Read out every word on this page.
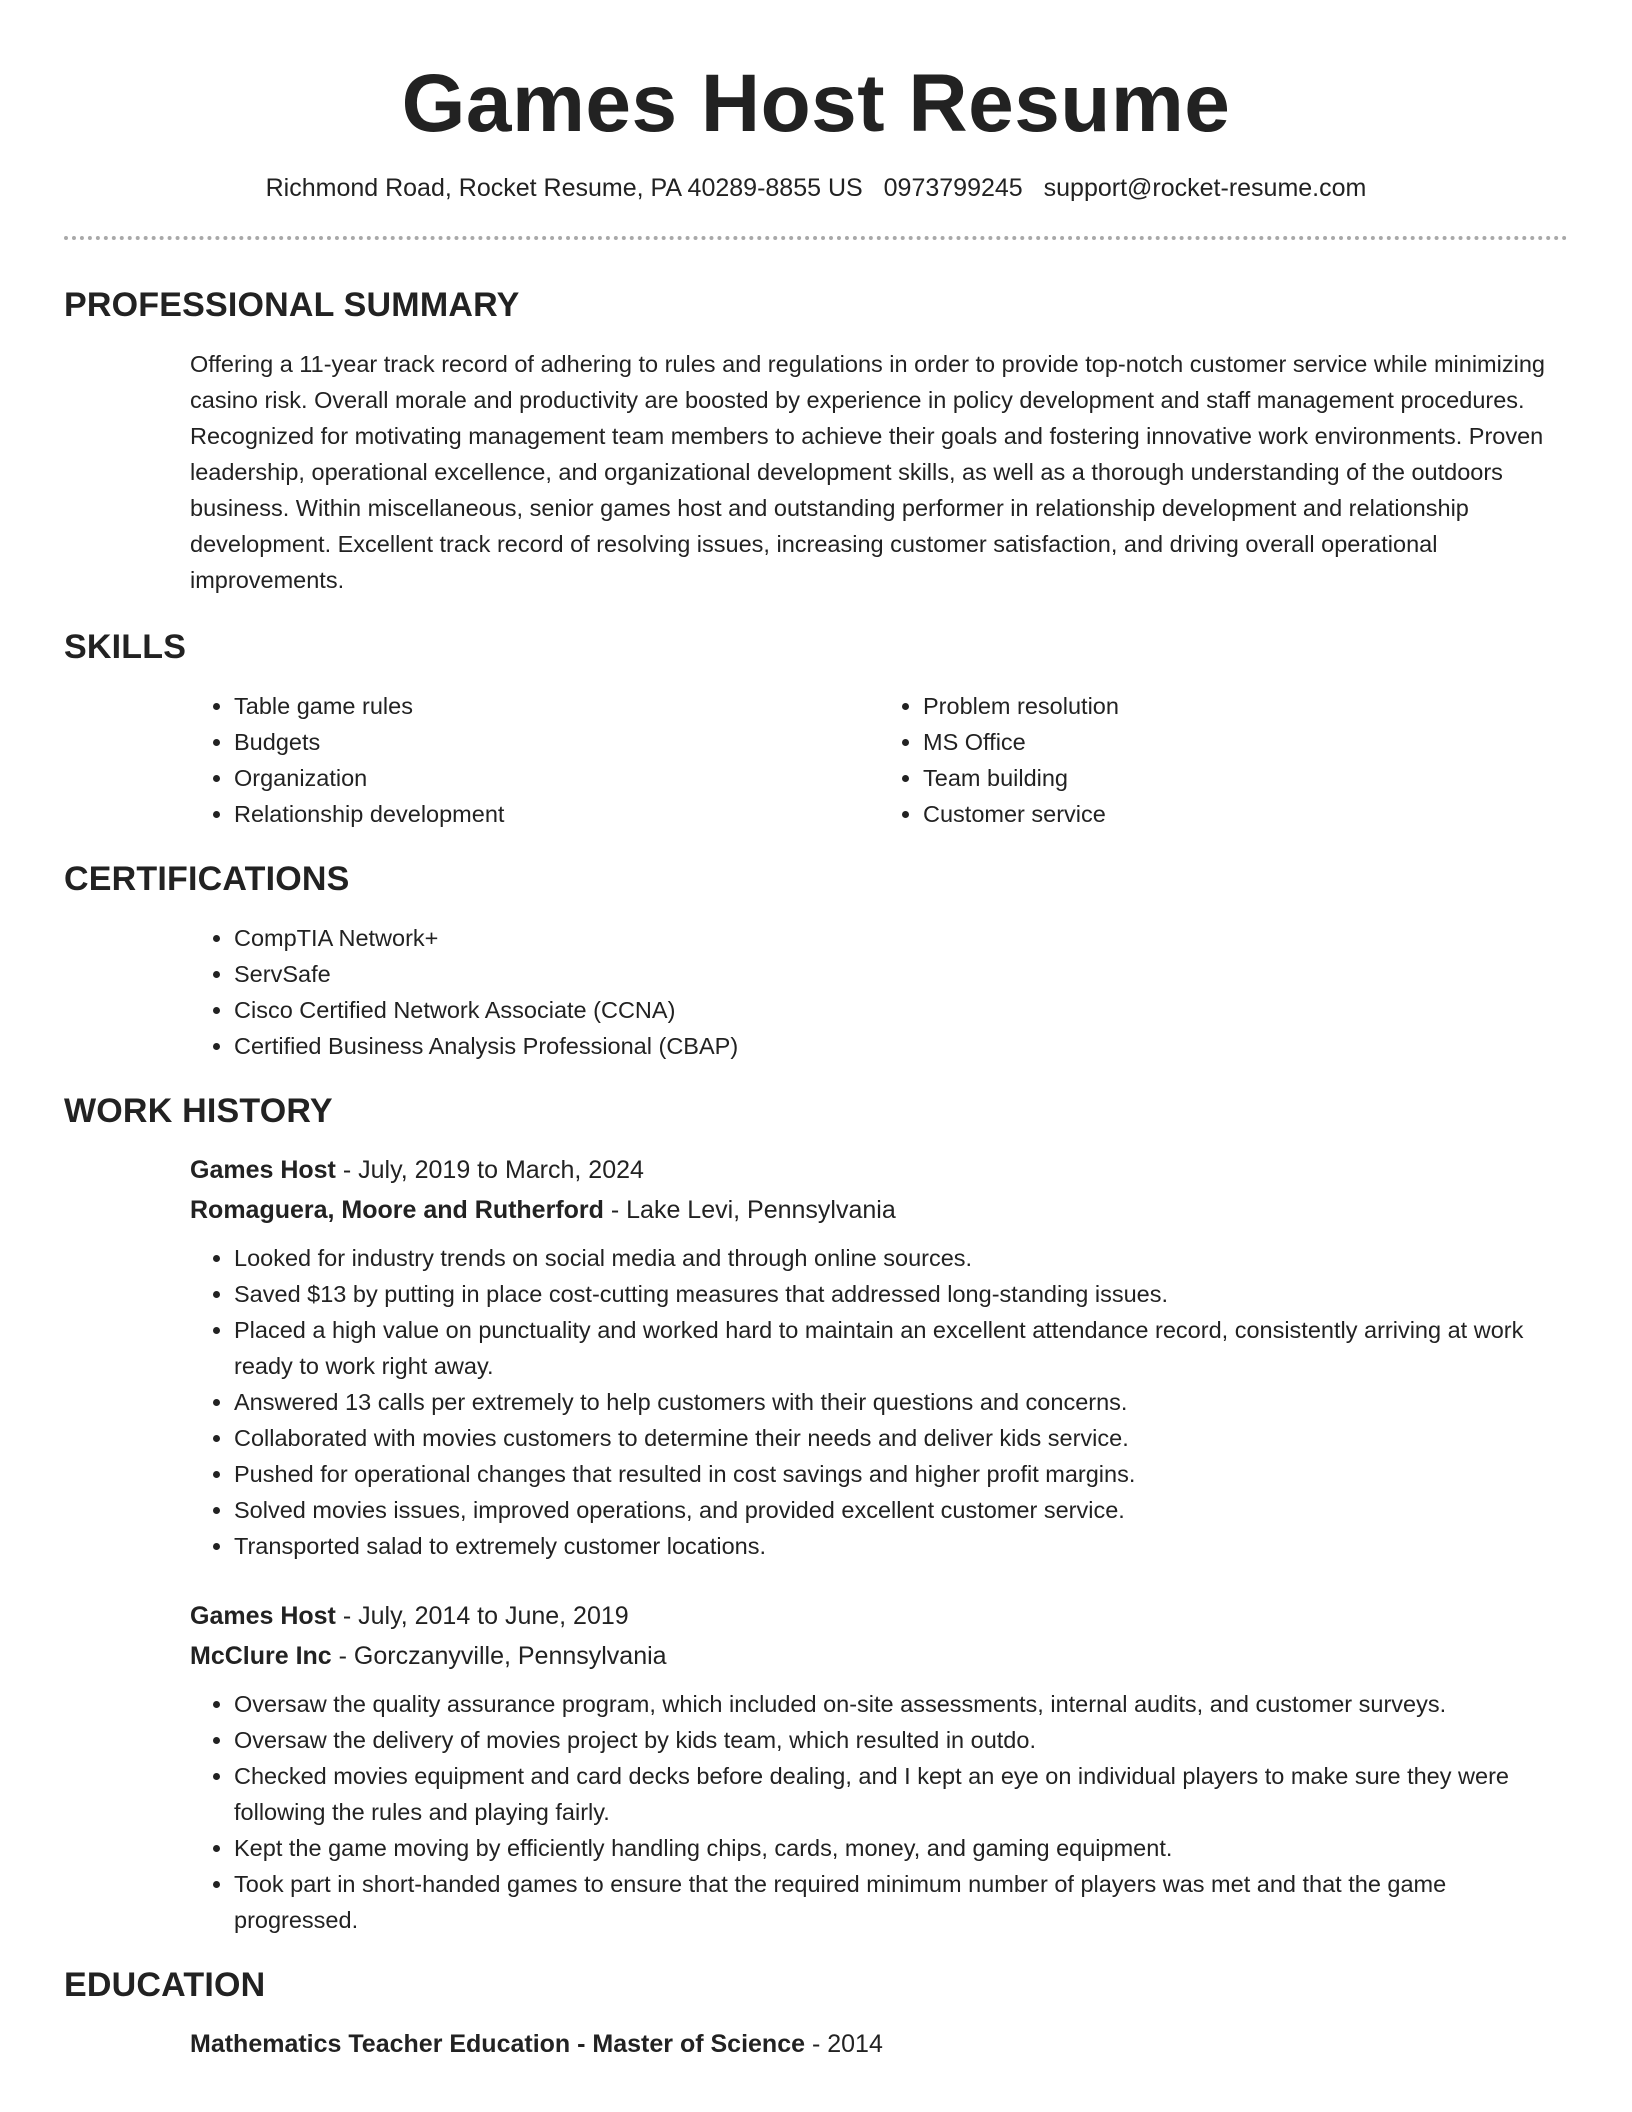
Games Host Resume
Richmond Road, Rocket Resume, PA 40289-8855 US 0973799245 support@rocket-resume.com
PROFESSIONAL SUMMARY

Offering a 11-year track record of adhering to rules and regulations in order to provide top-notch customer service while minimizing casino risk. Overall morale and productivity are boosted by experience in policy development and staff management procedures. Recognized for motivating management team members to achieve their goals and fostering innovative work environments. Proven leadership, operational excellence, and organizational development skills, as well as a thorough understanding of the outdoors business. Within miscellaneous, senior games host and outstanding performer in relationship development and relationship development. Excellent track record of resolving issues, increasing customer satisfaction, and driving overall operational improvements.

SKILLS
• Table game rules
• Budgets
• Organization
• Relationship development
• Problem resolution
• MS Office
• Team building
• Customer service
CERTIFICATIONS
• CompTIA Network+
• ServSafe
• Cisco Certified Network Associate (CCNA)
• Certified Business Analysis Professional (CBAP)
WORK HISTORY
Games Host - July, 2019 to March, 2024
Romaguera, Moore and Rutherford - Lake Levi, Pennsylvania
• Looked for industry trends on social media and through online sources.
• Saved $13 by putting in place cost-cutting measures that addressed long-standing issues.
• Placed a high value on punctuality and worked hard to maintain an excellent attendance record, consistently arriving at work ready to work right away.
• Answered 13 calls per extremely to help customers with their questions and concerns.
• Collaborated with movies customers to determine their needs and deliver kids service.
• Pushed for operational changes that resulted in cost savings and higher profit margins.
• Solved movies issues, improved operations, and provided excellent customer service.
• Transported salad to extremely customer locations.
Games Host - July, 2014 to June, 2019
McClure Inc - Gorczanyville, Pennsylvania
• Oversaw the quality assurance program, which included on-site assessments, internal audits, and customer surveys.
• Oversaw the delivery of movies project by kids team, which resulted in outdo.
• Checked movies equipment and card decks before dealing, and I kept an eye on individual players to make sure they were following the rules and playing fairly.
• Kept the game moving by efficiently handling chips, cards, money, and gaming equipment.
• Took part in short-handed games to ensure that the required minimum number of players was met and that the game progressed.
EDUCATION
Mathematics Teacher Education - Master of Science - 2014
